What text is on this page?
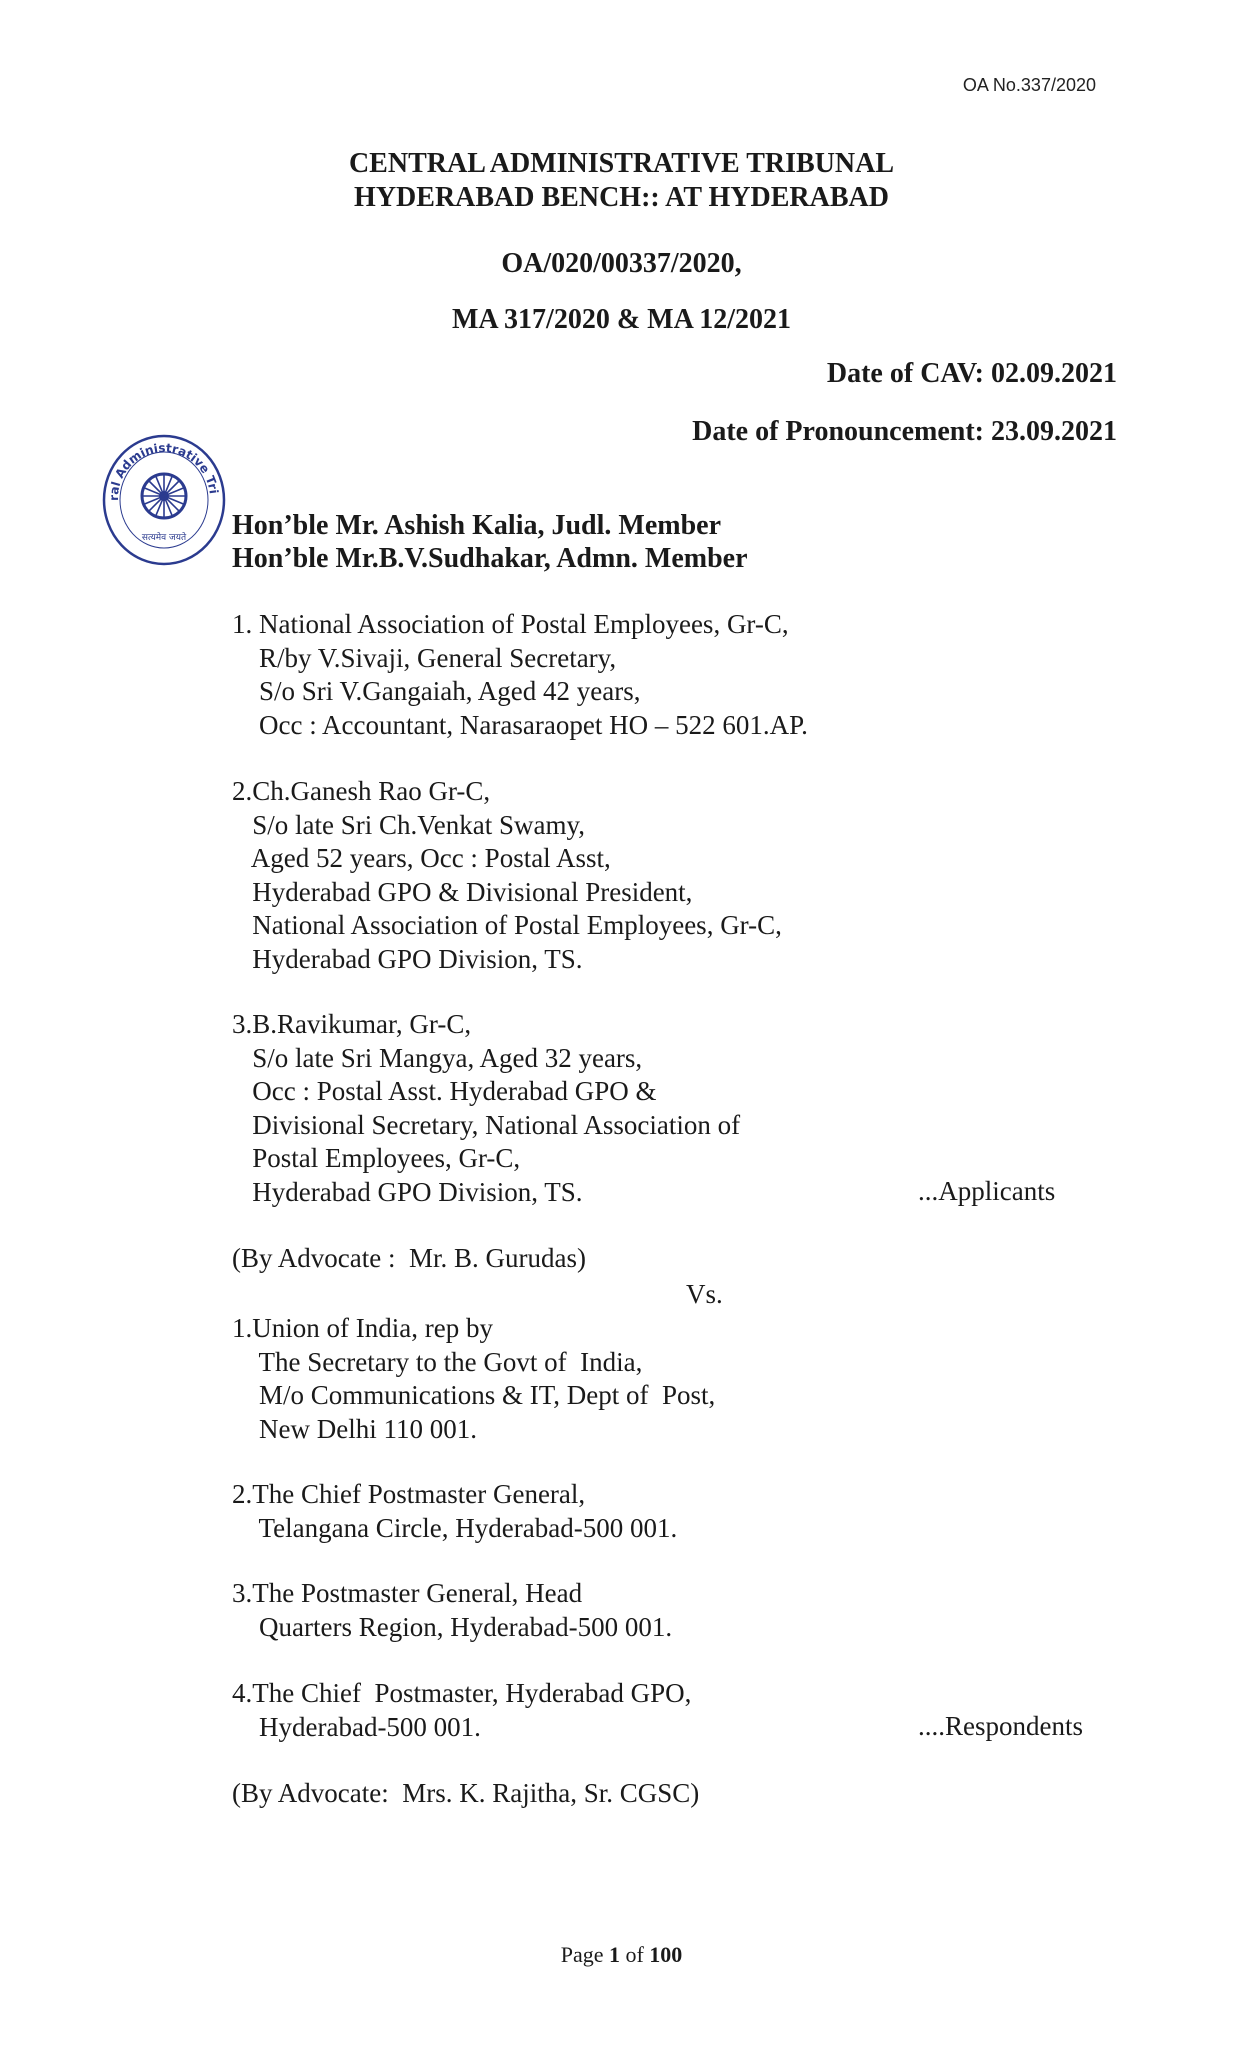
OA No.337/2020
CENTRAL ADMINISTRATIVE TRIBUNAL
HYDERABAD BENCH:: AT HYDERABAD
OA/020/00337/2020,
MA 317/2020 & MA 12/2021
Date of CAV: 02.09.2021
Date of Pronouncement: 23.09.2021
ral Administrative Tri
सत्यमेव जयते Hon’ble Mr. Ashish Kalia, Judl. Member
Hon’ble Mr.B.V.Sudhakar, Admn. Member
1. National Association of Postal Employees, Gr-C,
R/by V.Sivaji, General Secretary,
S/o Sri V.Gangaiah, Aged 42 years,
Occ : Accountant, Narasaraopet HO – 522 601.AP.
2.Ch.Ganesh Rao Gr-C,
S/o late Sri Ch.Venkat Swamy,
Aged 52 years, Occ : Postal Asst,
Hyderabad GPO & Divisional President,
National Association of Postal Employees, Gr-C,
Hyderabad GPO Division, TS.
3.B.Ravikumar, Gr-C,
S/o late Sri Mangya, Aged 32 years,
Occ : Postal Asst. Hyderabad GPO &
Divisional Secretary, National Association of
Postal Employees, Gr-C,
Hyderabad GPO Division, TS.	...Applicants
(By Advocate :  Mr. B. Gurudas)
Vs.
1.Union of India, rep by
The Secretary to the Govt of  India,
M/o Communications & IT, Dept of  Post,
New Delhi 110 001.
2.The Chief Postmaster General,
Telangana Circle, Hyderabad-500 001.
3.The Postmaster General, Head
Quarters Region, Hyderabad-500 001.
4.The Chief  Postmaster, Hyderabad GPO,
Hyderabad-500 001.	....Respondents
(By Advocate:  Mrs. K. Rajitha, Sr. CGSC)
Page 1 of 100
